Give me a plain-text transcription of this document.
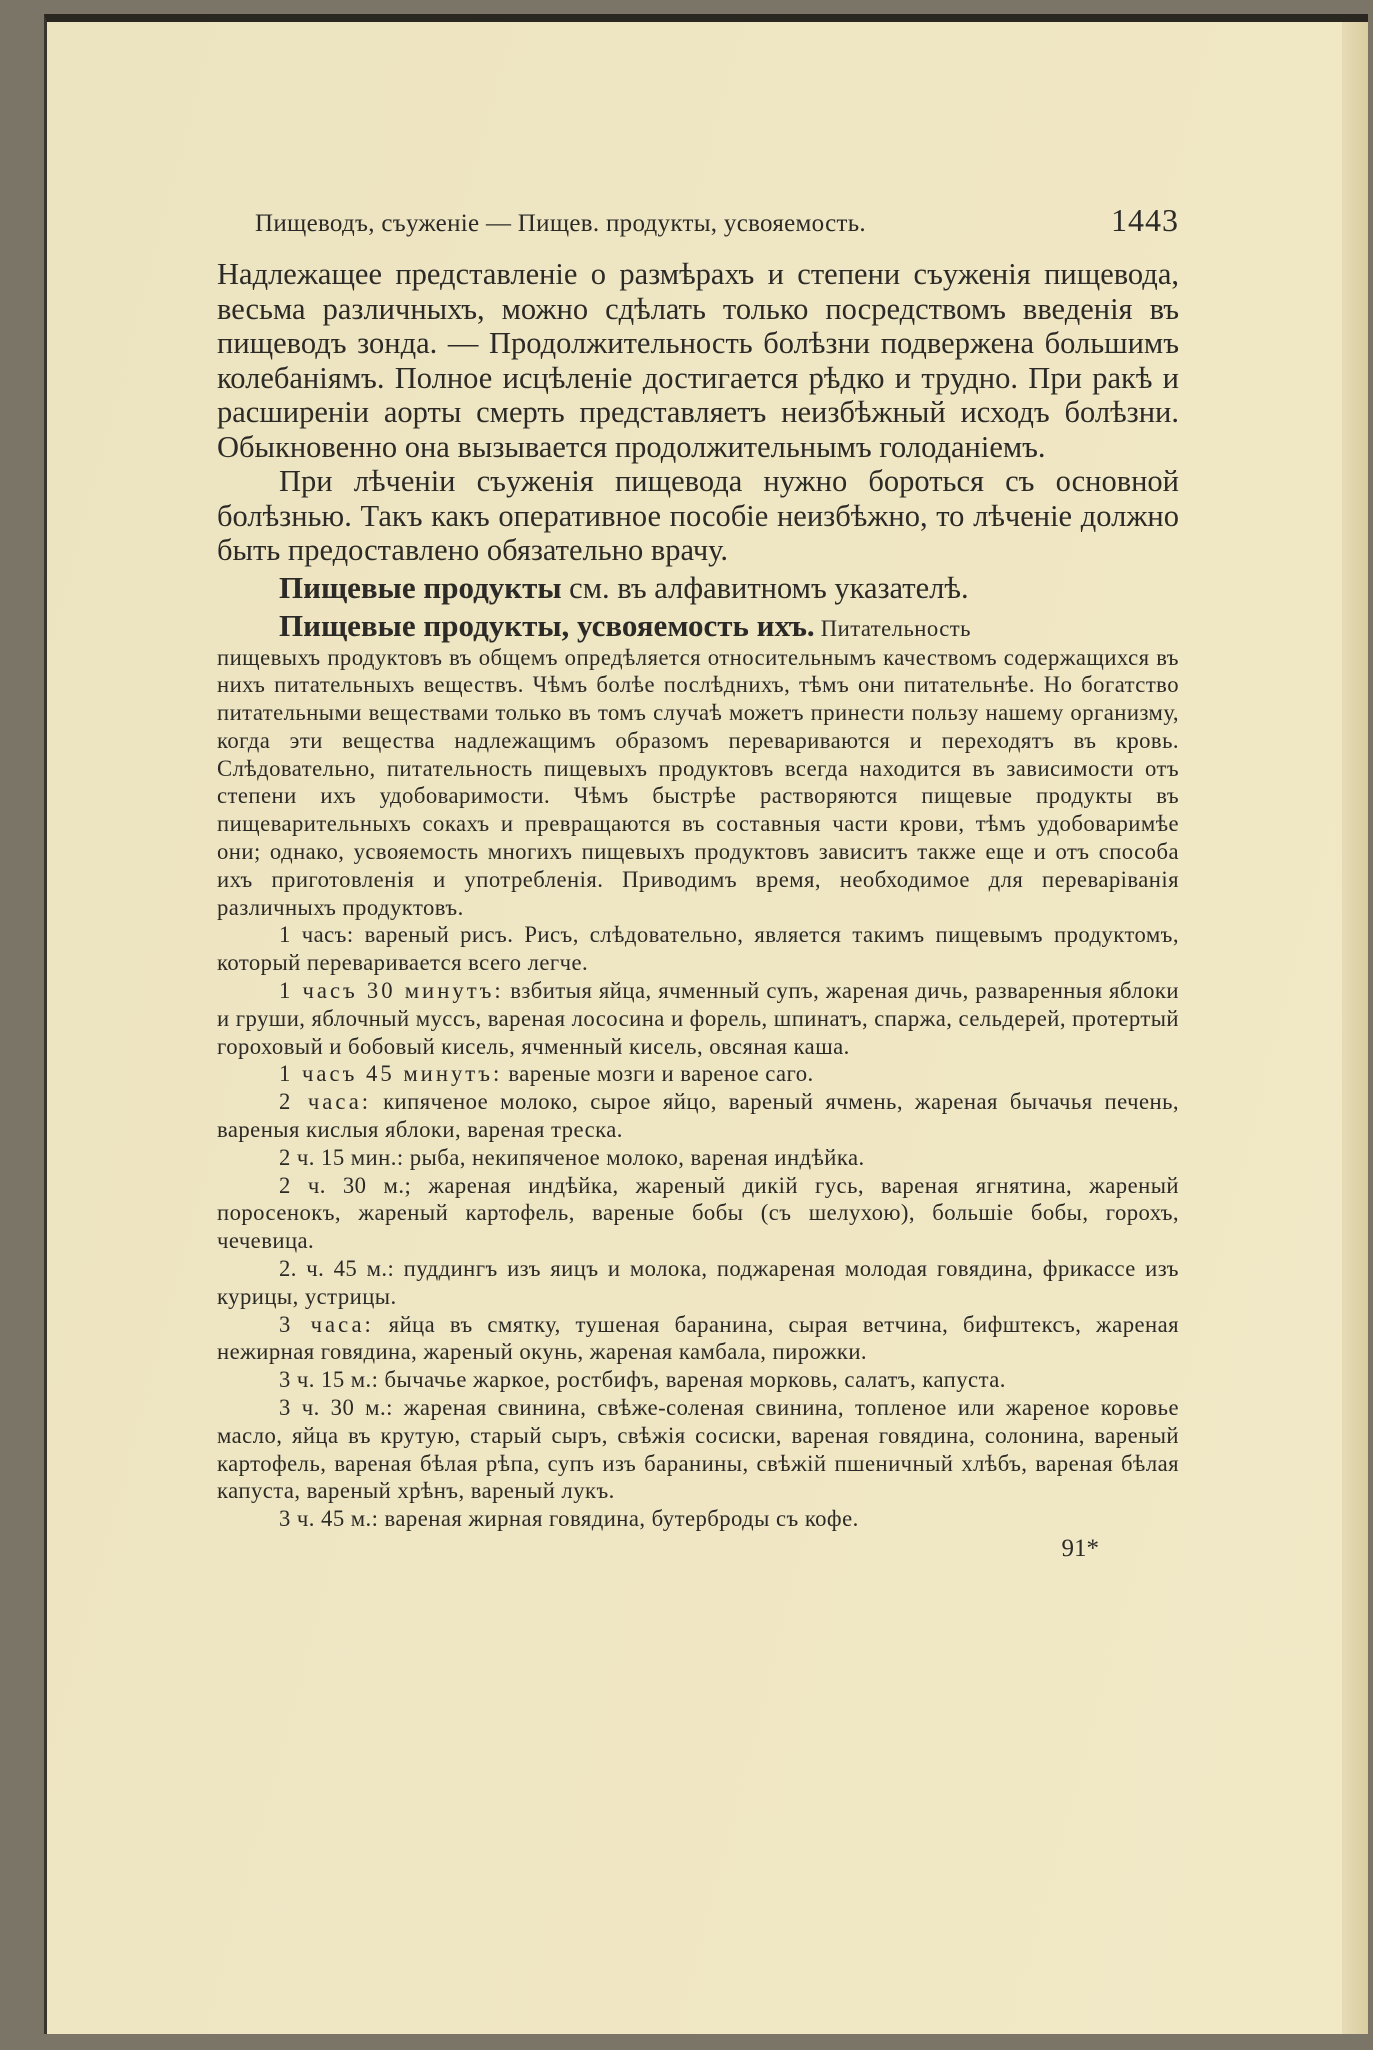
Пищеводъ, съуженіе — Пищев. продукты, усвояемость.	1443

Надлежащее представленіе о размѣрахъ и степени съуженія пищевода, весьма различныхъ, можно сдѣлать только посредствомъ введенія въ пищеводъ зонда. — Продолжительность болѣзни подвержена большимъ колебаніямъ. Полное исцѣленіе достигается рѣдко и трудно. При ракѣ и расширеніи аорты смерть представляетъ неизбѣжный исходъ болѣзни. Обыкновенно она вызывается продолжительнымъ голоданіемъ.

При лѣченіи съуженія пищевода нужно бороться съ основной болѣзнью. Такъ какъ оперативное пособіе неизбѣжно, то лѣченіе должно быть предоставлено обязательно врачу.

Пищевые продукты см. въ алфавитномъ указателѣ.

Пищевые продукты, усвояемость ихъ. Питательность

пищевыхъ продуктовъ въ общемъ опредѣляется относительнымъ качествомъ содержащихся въ нихъ питательныхъ веществъ. Чѣмъ болѣе послѣднихъ, тѣмъ они питательнѣе. Но богатство питательными веществами только въ томъ случаѣ можетъ принести пользу нашему организму, когда эти вещества надлежащимъ образомъ перевариваются и переходятъ въ кровь. Слѣдовательно, питательность пищевыхъ продуктовъ всегда находится въ зависимости отъ степени ихъ удобоваримости. Чѣмъ быстрѣе растворяются пищевые продукты въ пищеварительныхъ сокахъ и превращаются въ составныя части крови, тѣмъ удобоваримѣе они; однако, усвояемость многихъ пищевыхъ продуктовъ зависитъ также еще и отъ способа ихъ приготовленія и употребленія. Приводимъ время, необходимое для переваріванія различныхъ продуктовъ.

1 часъ: вареный рисъ. Рисъ, слѣдовательно, является такимъ пищевымъ продуктомъ, который переваривается всего легче.

1 часъ 30 минутъ: взбитыя яйца, ячменный супъ, жареная дичь, разваренныя яблоки и груши, яблочный муссъ, вареная лососина и форель, шпинатъ, спаржа, сельдерей, протертый гороховый и бобовый кисель, ячменный кисель, овсяная каша.

1 часъ 45 минутъ: вареные мозги и вареное саго.

2 часа: кипяченое молоко, сырое яйцо, вареный ячмень, жареная бычачья печень, вареныя кислыя яблоки, вареная треска.

2 ч. 15 мин.: рыба, некипяченое молоко, вареная индѣйка.

2 ч. 30 м.; жареная индѣйка, жареный дикій гусь, вареная ягнятина, жареный поросенокъ, жареный картофель, вареные бобы (съ шелухою), большіе бобы, горохъ, чечевица.

2. ч. 45 м.: пуддингъ изъ яицъ и молока, поджареная молодая говядина, фрикассе изъ курицы, устрицы.

3 часа: яйца въ смятку, тушеная баранина, сырая ветчина, бифштексъ, жареная нежирная говядина, жареный окунь, жареная камбала, пирожки.

3 ч. 15 м.: бычачье жаркое, ростбифъ, вареная морковь, салатъ, капуста.

3 ч. 30 м.: жареная свинина, свѣже-соленая свинина, топленое или жареное коровье масло, яйца въ крутую, старый сыръ, свѣжія сосиски, вареная говядина, солонина, вареный картофель, вареная бѣлая рѣпа, супъ изъ баранины, свѣжій пшеничный хлѣбъ, вареная бѣлая капуста, вареный хрѣнъ, вареный лукъ.

3 ч. 45 м.: вареная жирная говядина, бутерброды съ кофе.

91*
